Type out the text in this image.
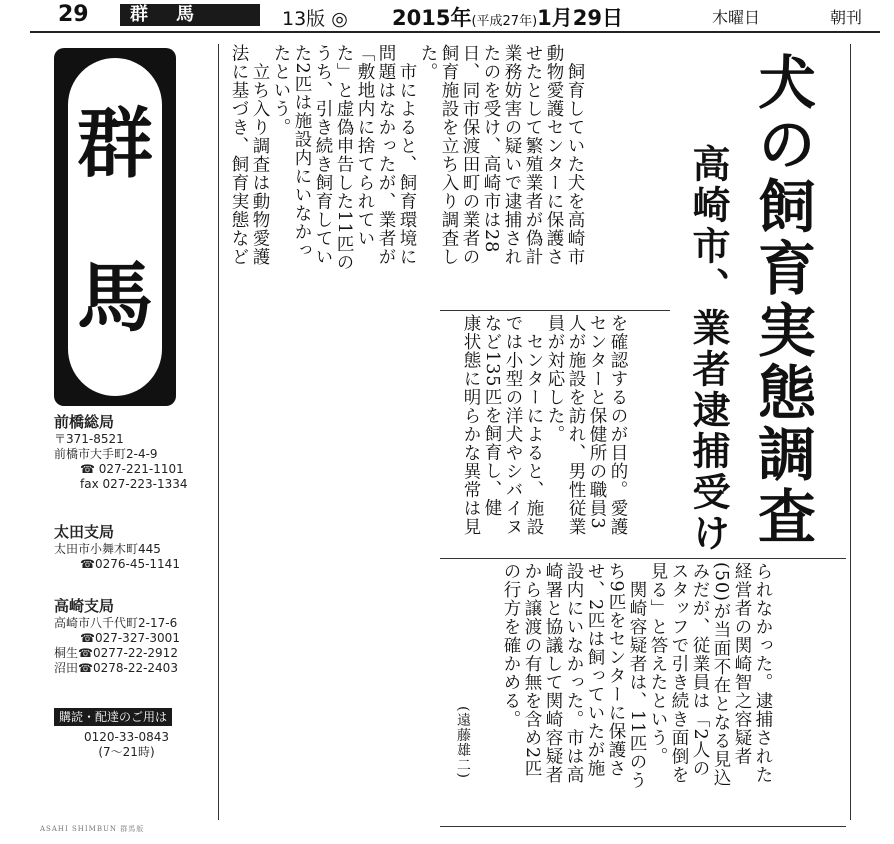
29	群馬	13版 ◎ 2015年(平成27年)1月29日	木曜日	朝刊
群
馬
前橋総局
〒371-8521
前橋市大手町2-4-9
☎ 027-221-1101
fax 027-223-1334
太田支局
太田市小舞木町445
☎0276-45-1141
高崎支局
高崎市八千代町2-17-6
☎027-327-3001
桐生☎0277-22-2912
沼田☎0278-22-2403
購読・配達のご用は
0120-33-0843
(7〜21時)
ASAHI SHIMBUN 群馬版
犬の飼育実態調査
高崎市、業者逮捕受け
　飼育していた犬を高崎市
動物愛護センターに保護さ
せたとして繁殖業者が偽計
業務妨害の疑いで逮捕され
たのを受け、高崎市は28
日、同市保渡田町の業者の
飼育施設を立ち入り調査し
た。
　市によると、飼育環境に
問題はなかったが、業者が
「敷地内に捨てられてい
た」と虚偽申告した11匹の
うち、引き続き飼育してい
た2匹は施設内にいなかっ
たという。
　立ち入り調査は動物愛護
法に基づき、飼育実態など
を確認するのが目的。愛護
センターと保健所の職員3
人が施設を訪れ、男性従業
員が対応した。
　センターによると、施設
では小型の洋犬やシバイヌ
など135匹を飼育し、健
康状態に明らかな異常は見
られなかった。逮捕された
経営者の関崎智之容疑者
(50)が当面不在となる見込
みだが、従業員は「2人の
スタッフで引き続き面倒を
見る」と答えたという。
　関崎容疑者は、11匹のう
ち9匹をセンターに保護さ
せ、2匹は飼っていたが施
設内にいなかった。市は高
崎署と協議して関崎容疑者
から譲渡の有無を含め2匹
の行方を確かめる。
(遠藤雄二)
